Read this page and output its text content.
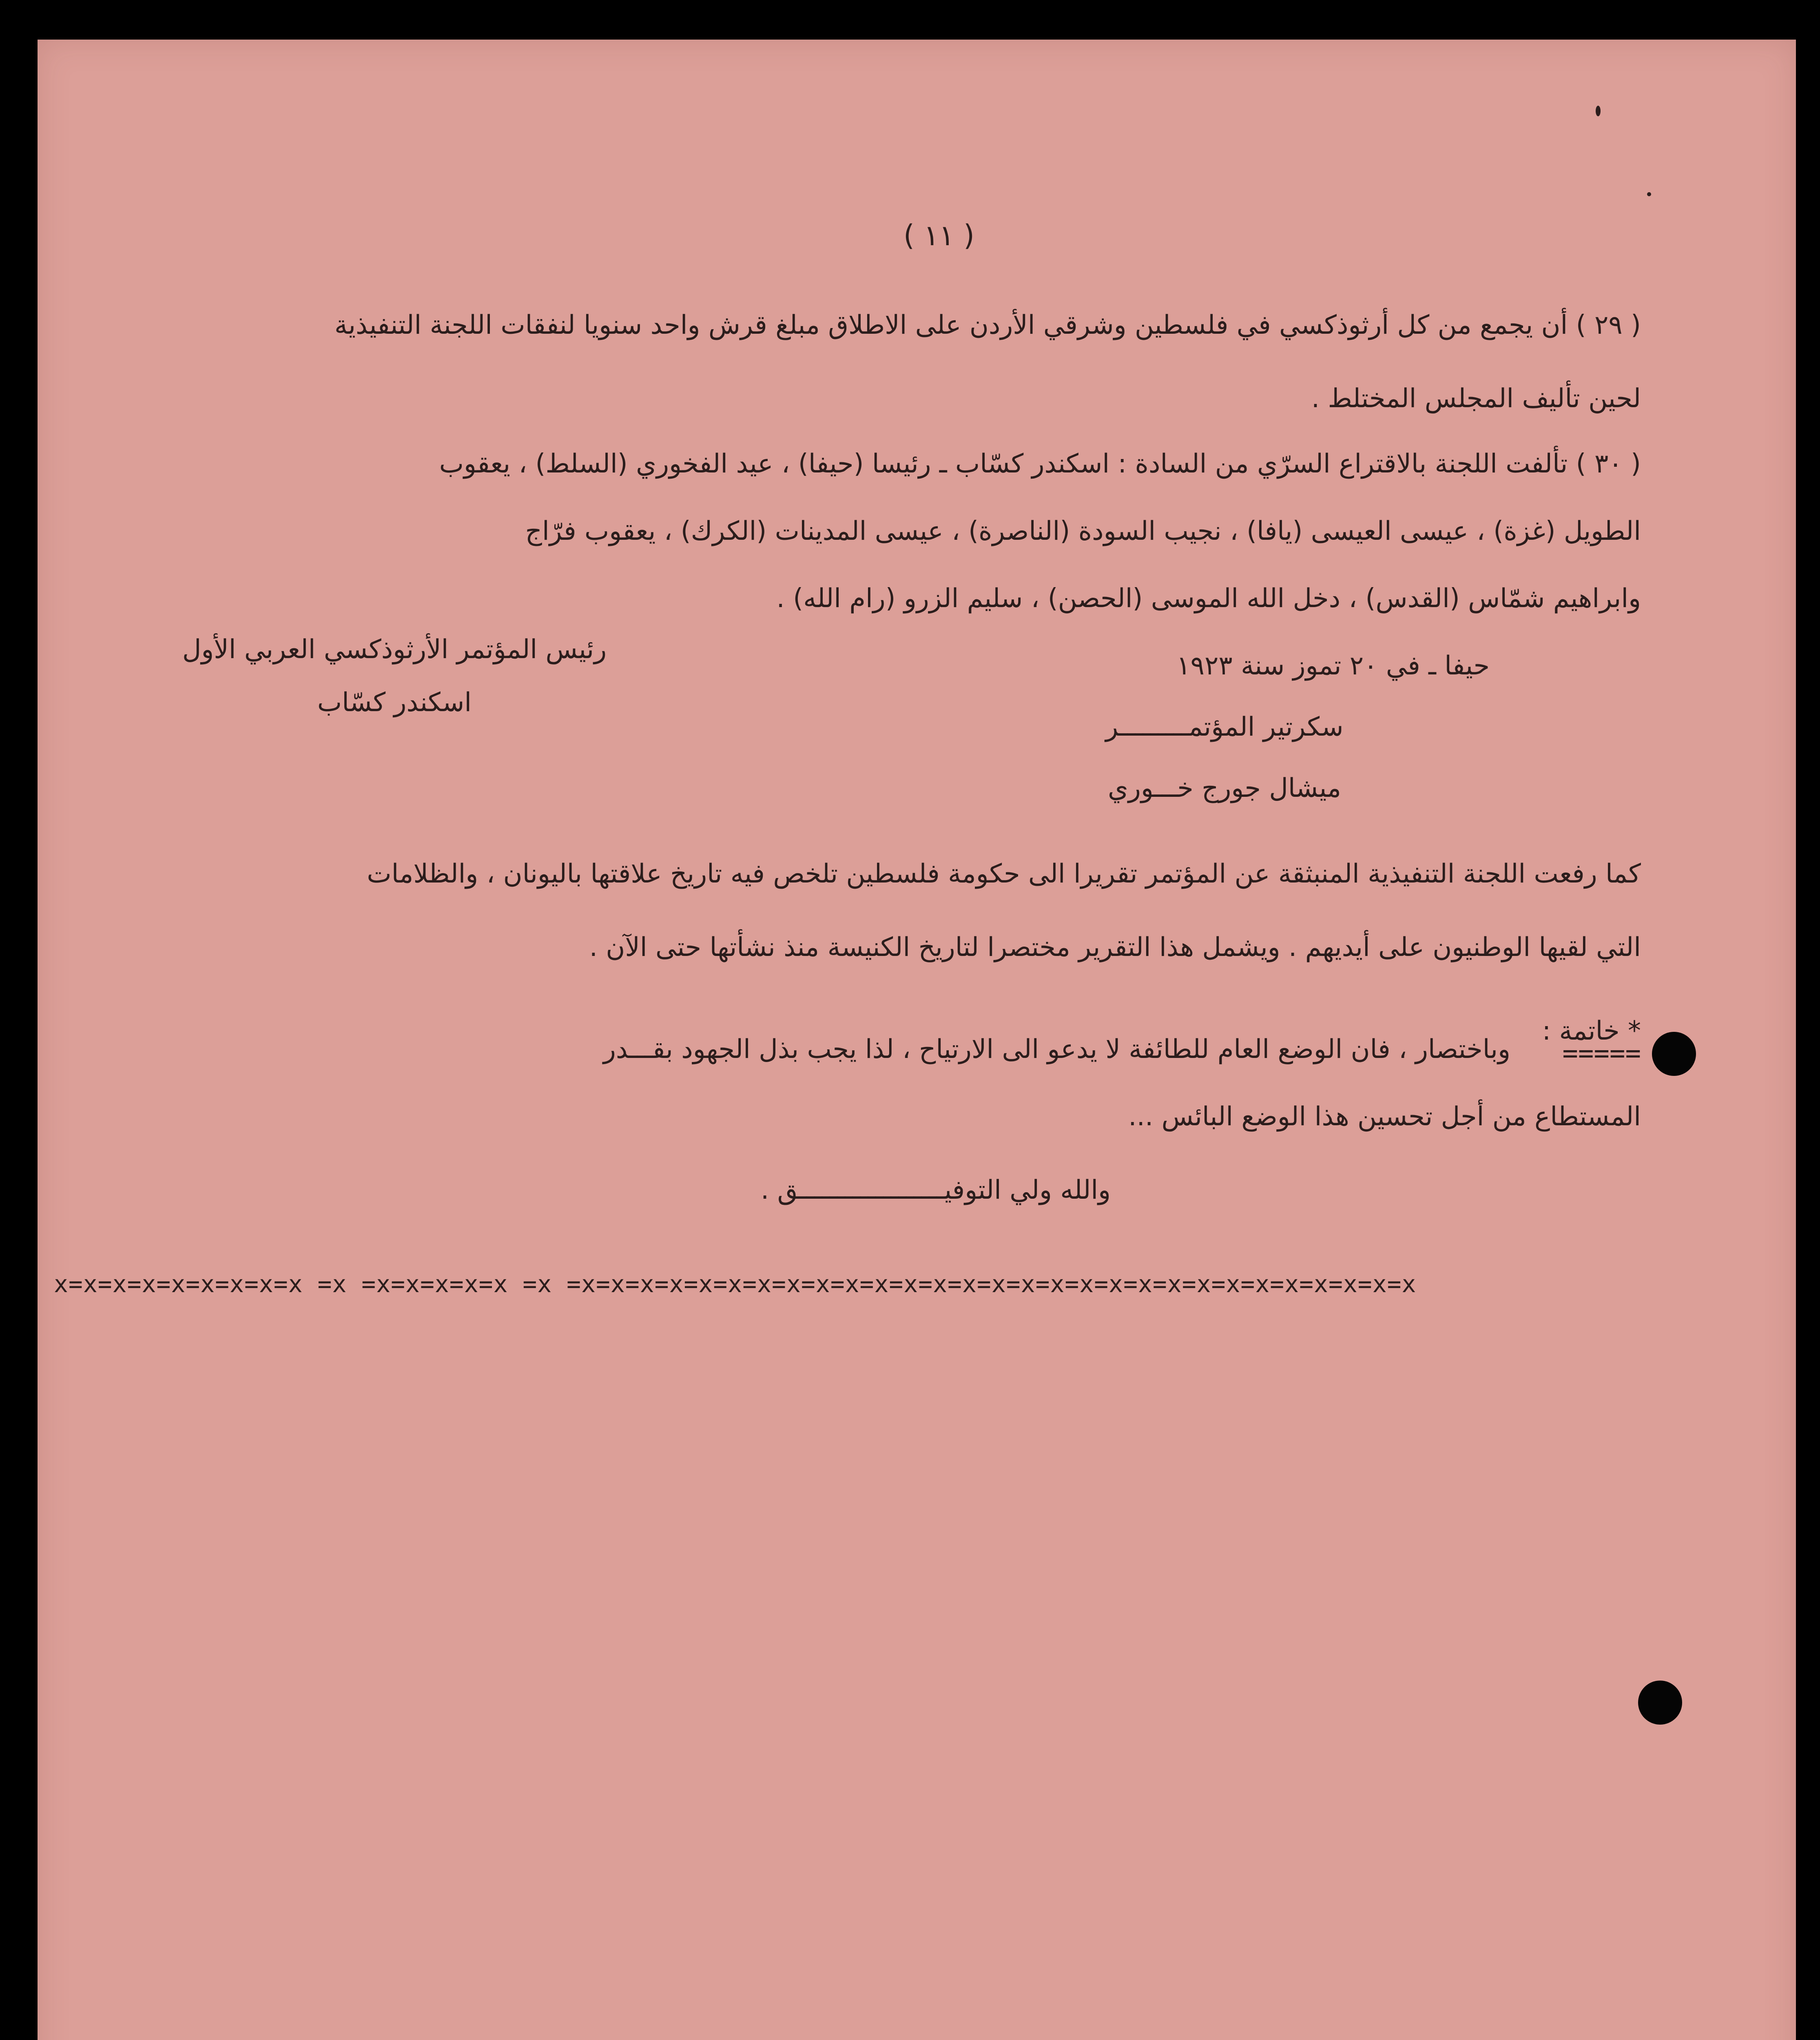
( ١١ )

( ٢٩ ) أن يجمع من كل أرثوذكسي في فلسطين وشرقي الأردن على الاطلاق مبلغ قرش واحد سنويا لنفقات اللجنة التنفيذية

لحين تأليف المجلس المختلط .

( ٣٠ ) تألفت اللجنة بالاقتراع السرّي من السادة : اسكندر كسّاب ـ رئيسا (حيفا) ، عيد الفخوري (السلط) ، يعقوب

الطويل (غزة) ، عيسى العيسى (يافا) ، نجيب السودة (الناصرة) ، عيسى المدينات (الكرك) ، يعقوب فرّاج

وابراهيم شمّاس (القدس) ، دخل الله الموسى (الحصن) ، سليم الزرو (رام الله) .

رئيس المؤتمر الأرثوذكسي العربي الأول
اسكندر كسّاب
حيفا ـ في ٢٠ تموز سنة ١٩٢٣
سكرتير المؤتمـــــــــر
ميشال جورج خـــوري

كما رفعت اللجنة التنفيذية المنبثقة عن المؤتمر تقريرا الى حكومة فلسطين تلخص فيه تاريخ علاقتها باليونان ، والظلامات

التي لقيها الوطنيون على أيديهم . ويشمل هذا التقرير مختصرا لتاريخ الكنيسة منذ نشأتها حتى الآن .

* خاتمة :
=====

وباختصار ، فان الوضع العام للطائفة لا يدعو الى الارتياح ، لذا يجب بذل الجهود بقـــدر

المستطاع من أجل تحسين هذا الوضع البائس ...

والله ولي التوفيـــــــــــــــــــق .

x=x=x=x=x=x=x=x=x =x =x=x=x=x=x =x =x=x=x=x=x=x=x=x=x=x=x=x=x=x=x=x=x=x=x=x=x=x=x=x=x=x=x=x=x
